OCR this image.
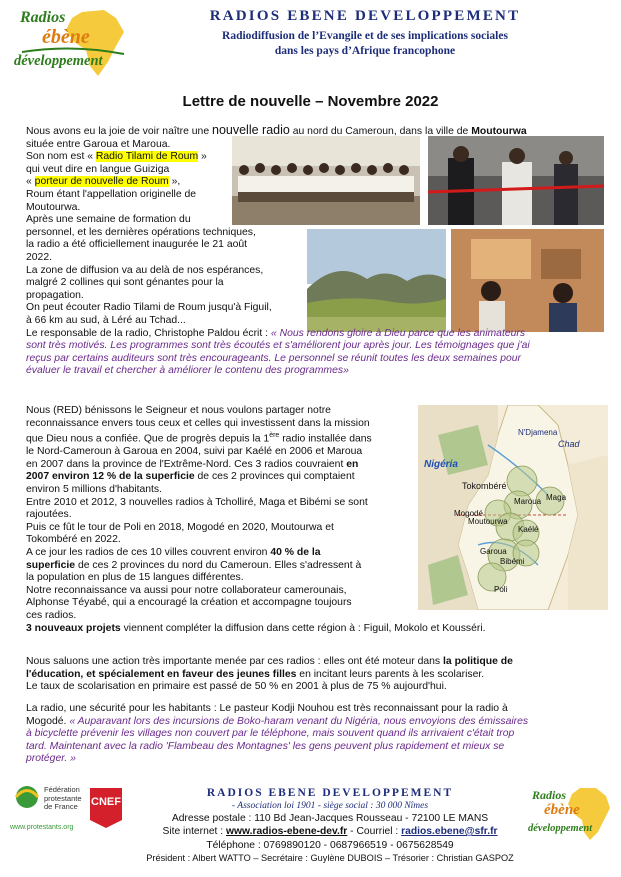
Radios
ébène
développement
RADIOS EBENE DEVELOPPEMENT
Radiodiffusion de l’Evangile et de ses implications sociales
dans les pays d’Afrique francophone
Lettre de nouvelle – Novembre 2022
Nous avons eu la joie de voir naître une nouvelle radio au nord du Cameroun, dans la ville de Moutourwa
située entre Garoua et Maroua.
Son nom est « Radio Tilami de Roum »
qui veut dire en langue Guiziga
« porteur de nouvelle de Roum »,
Roum étant l'appellation originelle de
Moutourwa.
Après une semaine de formation du
personnel, et les dernières opérations techniques,
la radio a été officiellement inaugurée le 21 août
2022.
La zone de diffusion va au delà de nos espérances,
malgré 2 collines qui sont génantes pour la
propagation.
On peut écouter Radio Tilami de Roum jusqu'à Figuil,
à 66 km au sud, à Léré au Tchad...
Le responsable de la radio, Christophe Paldou écrit : « Nous rendons gloire à Dieu parce que les animateurs
sont très motivés. Les programmes sont très écoutés et s'améliorent jour après jour. Les témoignages que j'ai
reçus par certains auditeurs sont très encourageants. Le personnel se réunit toutes les deux semaines pour
évaluer le travail et chercher à améliorer le contenu des programmes»
Nous (RED) bénissons le Seigneur et nous voulons partager notre
reconnaissance envers tous ceux et celles qui investissent dans la mission
que Dieu nous a confiée. Que de progrès depuis la 1ère radio installée dans
le Nord-Cameroun à Garoua en 2004, suivi par Kaélé en 2006 et Maroua
en 2007 dans la province de l'Extrême-Nord. Ces 3 radios couvraient en
2007 environ 12 % de la superficie de ces 2 provinces qui comptaient
environ 5 millions d'habitants.
Entre 2010 et 2012, 3 nouvelles radios à Tcholliré, Maga et Bibémi se sont
rajoutées.
Puis ce fût le tour de Poli en 2018, Mogodé en 2020, Moutourwa et
Tokombéré en 2022.
A ce jour les radios de ces 10 villes couvrent environ 40 % de la
superficie de ces 2 provinces du nord du Cameroun. Elles s'adressent à
la population en plus de 15 langues différentes.
Notre reconnaissance va aussi pour notre collaborateur camerounais,
Alphonse Téyabé, qui a encouragé la création et accompagne toujours
ces radios.
3 nouveaux projets viennent compléter la diffusion dans cette région à : Figuil, Mokolo et Kousséri.
N'Djamena
Nigéria
Chad
Tokombéré
Maroua Maga
Mogodé
Moutourwa
Kaélé
Garoua
Bibémi
Poli
Nous saluons une action très importante menée par ces radios : elles ont été moteur dans la politique de
l'éducation, et spécialement en faveur des jeunes filles en incitant leurs parents à les scolariser.
Le taux de scolarisation en primaire est passé de 50 % en 2001 à plus de 75 % aujourd'hui.
La radio, une sécurité pour les habitants : Le pasteur Kodji Nouhou est très reconnaissant pour la radio à
Mogodé. « Auparavant lors des incursions de Boko-haram venant du Nigéria, nous envoyions des émissaires
à bicyclette prévenir les villages non couvert par le téléphone, mais souvent quand ils arrivaient c'était trop
tard. Maintenant avec la radio 'Flambeau des Montagnes' les gens peuvent plus rapidement et mieux se
protéger. »
Fédération
protestante
de France
www.protestants.org
CNEF
RADIOS EBENE DEVELOPPEMENT
- Association loi 1901 - siège social : 30 000 Nîmes
Adresse postale : 110 Bd Jean-Jacques Rousseau - 72100 LE MANS
Site internet : www.radios-ebene-dev.fr - Courriel : radios.ebene@sfr.fr
Téléphone : 0769890120 - 0687966519 - 0675628549
Président : Albert WATTO – Secrétaire : Guylène DUBOIS – Trésorier : Christian GASPOZ
Radios
ébène
développement
